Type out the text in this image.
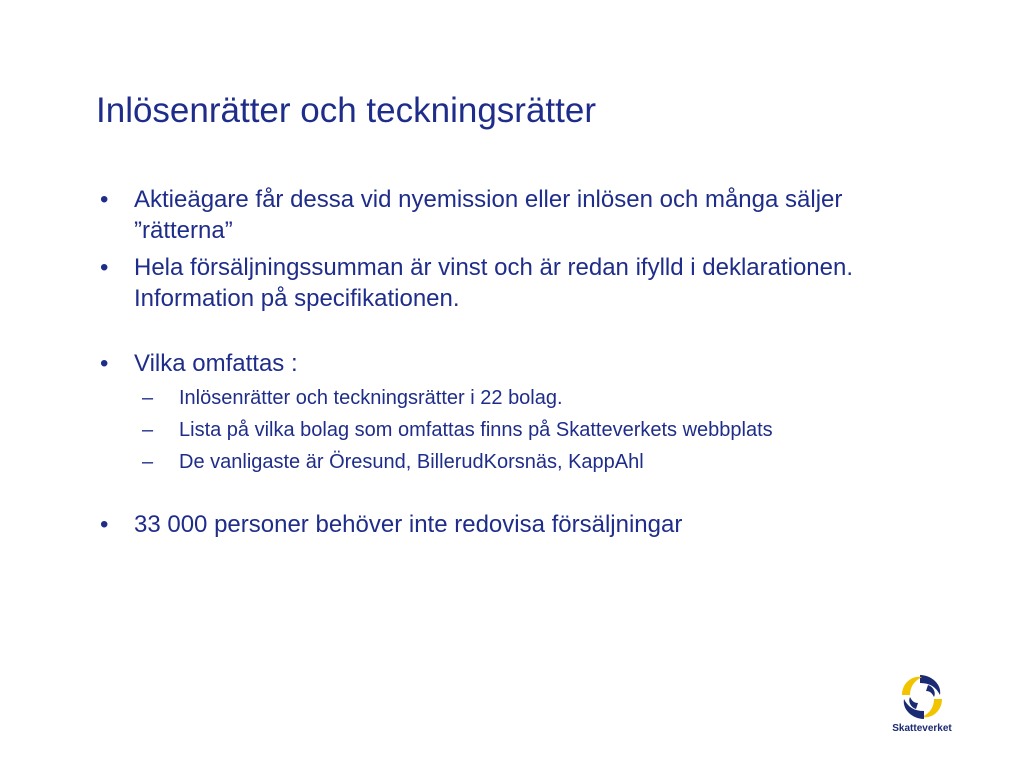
Inlösenrätter och teckningsrätter
• Aktieägare får dessa vid nyemission eller inlösen och många säljer ”rätterna”
• Hela försäljningssumman är vinst och är redan ifylld i deklarationen. Information på specifikationen.
• Vilka omfattas :
– Inlösenrätter och teckningsrätter i 22 bolag.
– Lista på vilka bolag som omfattas finns på Skatteverkets webbplats
– De vanligaste är Öresund, BillerudKorsnäs, KappAhl
• 33 000 personer behöver inte redovisa försäljningar
Skatteverket
